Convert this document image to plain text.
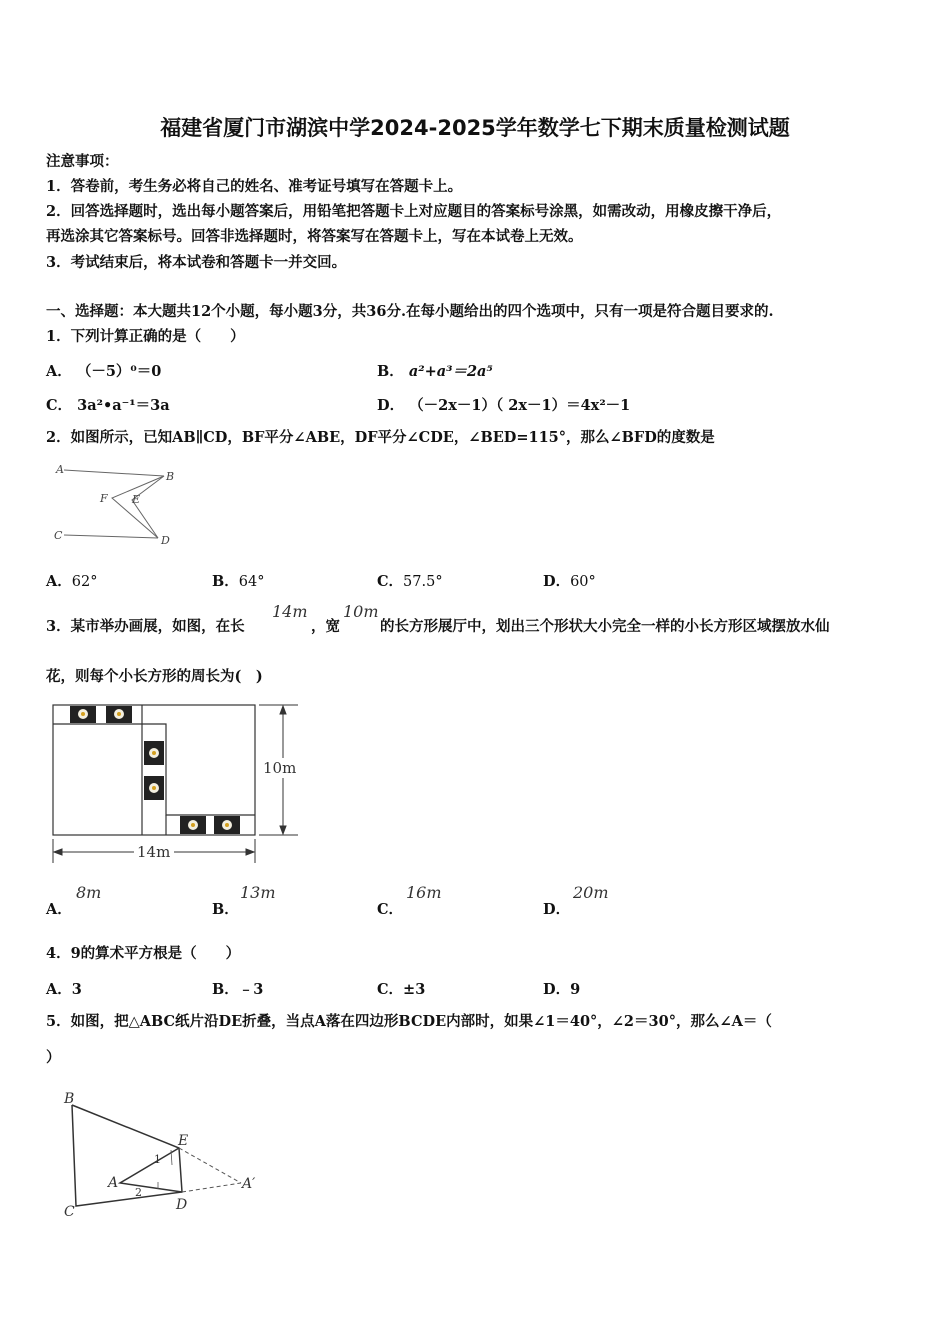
福建省厦门市湖滨中学2024-2025学年数学七下期末质量检测试题
注意事项：
1．答卷前，考生务必将自己的姓名、准考证号填写在答题卡上。
2．回答选择题时，选出每小题答案后，用铅笔把答题卡上对应题目的答案标号涂黑，如需改动，用橡皮擦干净后，
再选涂其它答案标号。回答非选择题时，将答案写在答题卡上，写在本试卷上无效。
3．考试结束后，将本试卷和答题卡一并交回。
一、选择题：本大题共12个小题，每小题3分，共36分.在每小题给出的四个选项中，只有一项是符合题目要求的.
1．下列计算正确的是（　　）
A． （－5）⁰＝0	B． a²+a³＝2a⁵
C． 3a²•a⁻¹＝3a	D． （－2x－1）（ 2x－1）＝4x²－1
2．如图所示，已知AB∥CD，BF平分∠ABE，DF平分∠CDE，∠BED=115°，那么∠BFD的度数是
A
B
C	D
E
F
A．62°	B．64°	C．57.5°	D．60°
3．某市举办画展，如图，在长
14m
，宽
10m
的长方形展厅中，划出三个形状大小完全一样的小长方形区域摆放水仙
花，则每个小长方形的周长为(　)
10m
14m
A．
8m
B．
13m
C．
16m
D．
20m
4．9的算术平方根是（　　）
A．3	B．﹣3	C．±3	D．9
5．如图，把△ABC纸片沿DE折叠，当点A落在四边形BCDE内部时，如果∠1＝40°，∠2＝30°，那么∠A＝（
）
B
C
E
A
D
A′
1
2
